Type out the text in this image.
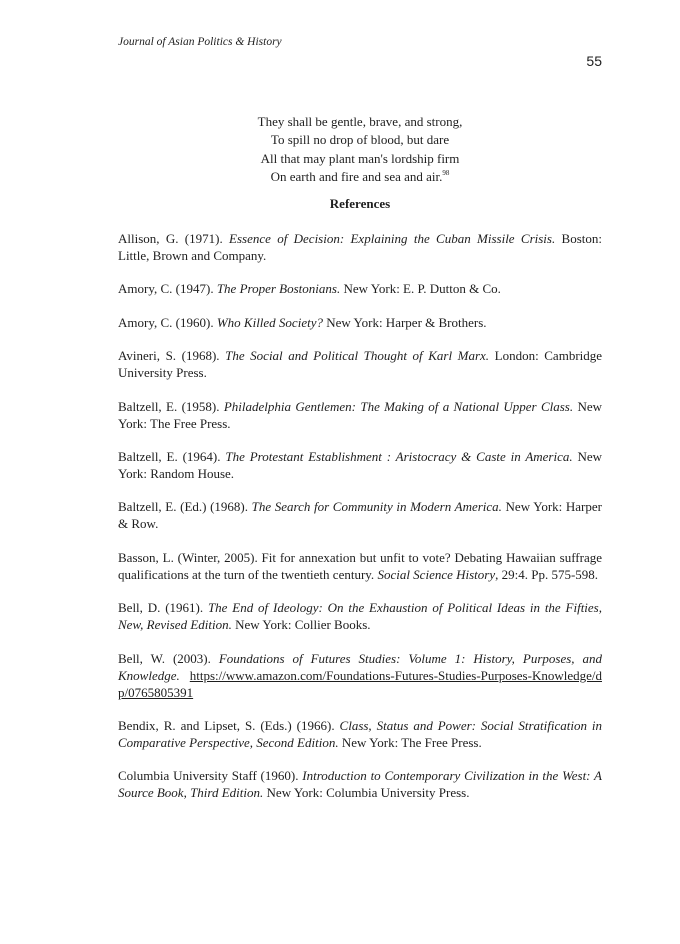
Journal of Asian Politics & History
55
They shall be gentle, brave, and strong,
To spill no drop of blood, but dare
All that may plant man's lordship firm
On earth and fire and sea and air.$^{98}$
References

Allison, G. (1971). Essence of Decision: Explaining the Cuban Missile Crisis. Boston: Little, Brown and Company.

Amory, C. (1947). The Proper Bostonians. New York: E. P. Dutton & Co.

Amory, C. (1960). Who Killed Society? New York: Harper & Brothers.

Avineri, S. (1968). The Social and Political Thought of Karl Marx. London: Cambridge University Press.

Baltzell, E. (1958). Philadelphia Gentlemen: The Making of a National Upper Class. New York: The Free Press.

Baltzell, E. (1964). The Protestant Establishment : Aristocracy & Caste in America. New York: Random House.

Baltzell, E. (Ed.) (1968). The Search for Community in Modern America. New York: Harper & Row.

Basson, L. (Winter, 2005). Fit for annexation but unfit to vote? Debating Hawaiian suffrage qualifications at the turn of the twentieth century. Social Science History, 29:4. Pp. 575-598.

Bell, D. (1961). The End of Ideology: On the Exhaustion of Political Ideas in the Fifties, New, Revised Edition. New York: Collier Books.

Bell, W. (2003). Foundations of Futures Studies: Volume 1: History, Purposes, and Knowledge. https://www.amazon.com/Foundations-Futures-Studies-Purposes-Knowledge/dp/0765805391

Bendix, R. and Lipset, S. (Eds.) (1966). Class, Status and Power: Social Stratification in Comparative Perspective, Second Edition. New York: The Free Press.

Columbia University Staff (1960). Introduction to Contemporary Civilization in the West: A Source Book, Third Edition. New York: Columbia University Press.
